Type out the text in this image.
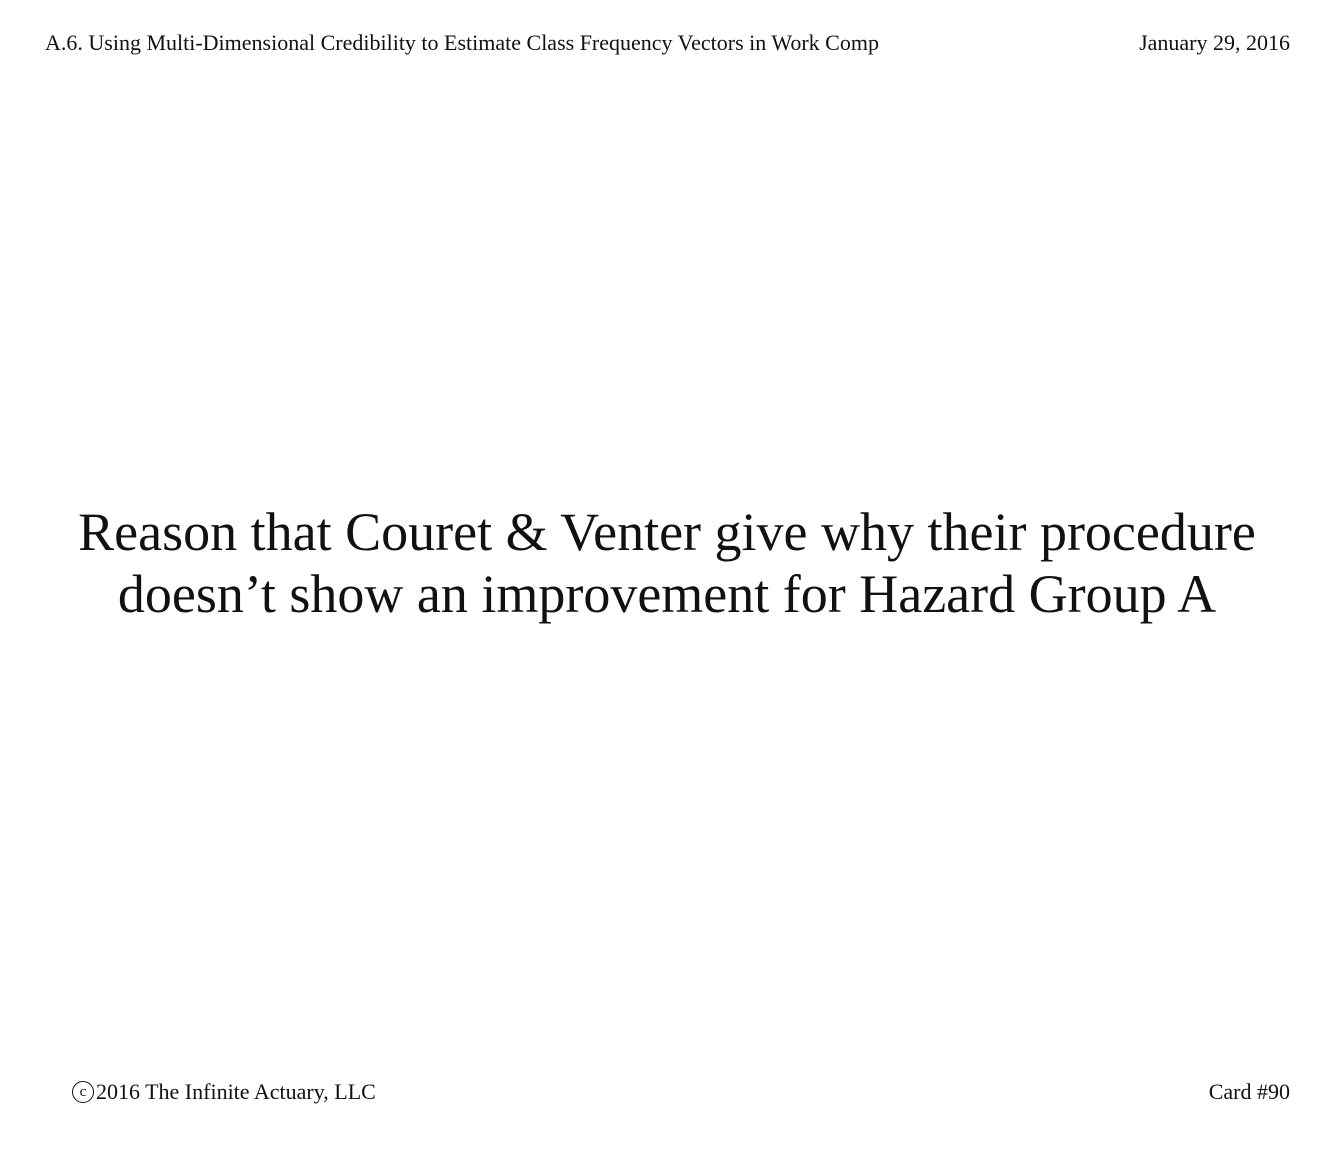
A.6. Using Multi-Dimensional Credibility to Estimate Class Frequency Vectors in Work Comp	January 29, 2016
Reason that Couret & Venter give why their procedure
doesn’t show an improvement for Hazard Group A
c 2016 The Infinite Actuary, LLC	Card #90
